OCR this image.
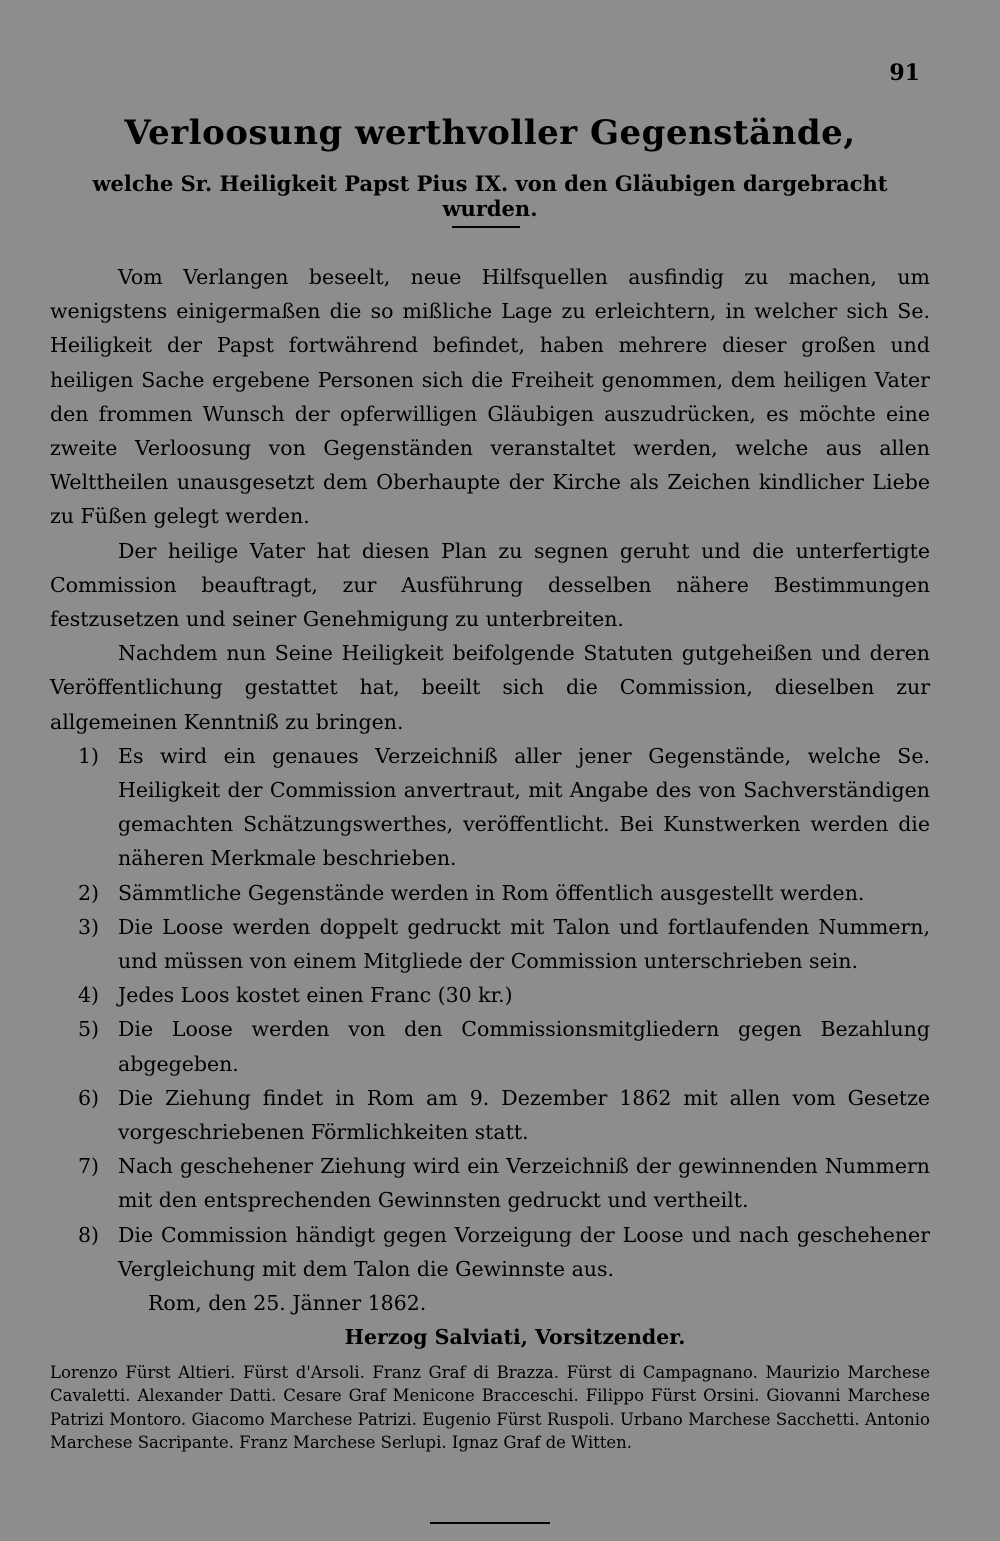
91
Verloosung werthvoller Gegenstände,
welche Sr. Heiligkeit Papst Pius IX. von den Gläubigen dargebracht wurden.

Vom Verlangen beseelt, neue Hilfsquellen ausfindig zu machen, um wenigstens einigermaßen die so mißliche Lage zu erleichtern, in welcher sich Se. Heiligkeit der Papst fortwährend befindet, haben mehrere dieser großen und heiligen Sache ergebene Personen sich die Freiheit genommen, dem heiligen Vater den frommen Wunsch der opferwilligen Gläubigen auszudrücken, es möchte eine zweite Verloosung von Gegenständen veranstaltet werden, welche aus allen Welttheilen unausgesetzt dem Oberhaupte der Kirche als Zeichen kindlicher Liebe zu Füßen gelegt werden.

Der heilige Vater hat diesen Plan zu segnen geruht und die unterfertigte Commission beauftragt, zur Ausführung desselben nähere Bestimmungen festzusetzen und seiner Genehmigung zu unterbreiten.

Nachdem nun Seine Heiligkeit beifolgende Statuten gutgeheißen und deren Veröffentlichung gestattet hat, beeilt sich die Commission, dieselben zur allgemeinen Kenntniß zu bringen.

1) Es wird ein genaues Verzeichniß aller jener Gegenstände, welche Se. Heiligkeit der Commission anvertraut, mit Angabe des von Sachverständigen gemachten Schätzungswerthes, veröffentlicht. Bei Kunstwerken werden die näheren Merkmale beschrieben.
2) Sämmtliche Gegenstände werden in Rom öffentlich ausgestellt werden.
3) Die Loose werden doppelt gedruckt mit Talon und fortlaufenden Nummern, und müssen von einem Mitgliede der Commission unterschrieben sein.
4) Jedes Loos kostet einen Franc (30 kr.)
5) Die Loose werden von den Commissionsmitgliedern gegen Bezahlung abgegeben.
6) Die Ziehung findet in Rom am 9. Dezember 1862 mit allen vom Gesetze vorgeschriebenen Förmlichkeiten statt.
7) Nach geschehener Ziehung wird ein Verzeichniß der gewinnenden Nummern mit den entsprechenden Gewinnsten gedruckt und vertheilt.
8) Die Commission händigt gegen Vorzeigung der Loose und nach geschehener Vergleichung mit dem Talon die Gewinnste aus.
Rom, den 25. Jänner 1862.
Herzog Salviati, Vorsitzender.
Lorenzo Fürst Altieri. Fürst d'Arsoli. Franz Graf di Brazza. Fürst di Campagnano. Maurizio Marchese Cavaletti. Alexander Datti. Cesare Graf Menicone Bracceschi. Filippo Fürst Orsini. Giovanni Marchese Patrizi Montoro. Giacomo Marchese Patrizi. Eugenio Fürst Ruspoli. Urbano Marchese Sacchetti. Antonio Marchese Sacripante. Franz Marchese Serlupi. Ignaz Graf de Witten.
